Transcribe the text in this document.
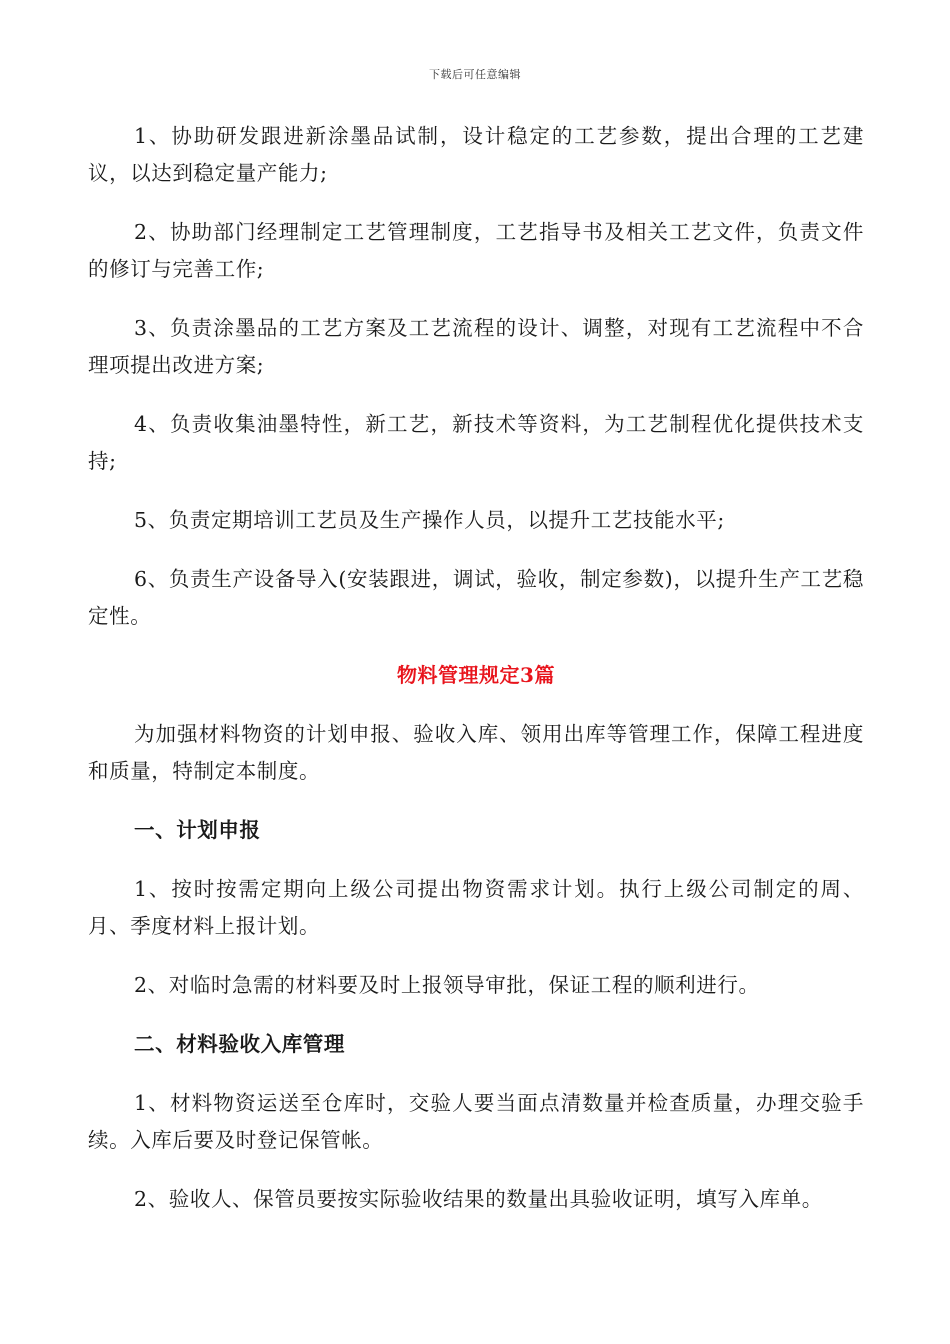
下载后可任意编辑

1、协助研发跟进新涂墨品试制，设计稳定的工艺参数，提出合理的工艺建议，以达到稳定量产能力;

2、协助部门经理制定工艺管理制度，工艺指导书及相关工艺文件，负责文件的修订与完善工作;

3、负责涂墨品的工艺方案及工艺流程的设计、调整，对现有工艺流程中不合理项提出改进方案;

4、负责收集油墨特性，新工艺，新技术等资料，为工艺制程优化提供技术支持;

5、负责定期培训工艺员及生产操作人员，以提升工艺技能水平;

6、负责生产设备导入(安装跟进，调试，验收，制定参数)，以提升生产工艺稳定性。

物料管理规定3篇

为加强材料物资的计划申报、验收入库、领用出库等管理工作，保障工程进度和质量，特制定本制度。

一、计划申报

1、按时按需定期向上级公司提出物资需求计划。执行上级公司制定的周、月、季度材料上报计划。

2、对临时急需的材料要及时上报领导审批，保证工程的顺利进行。

二、材料验收入库管理

1、材料物资运送至仓库时，交验人要当面点清数量并检查质量，办理交验手续。入库后要及时登记保管帐。

2、验收人、保管员要按实际验收结果的数量出具验收证明，填写入库单。
